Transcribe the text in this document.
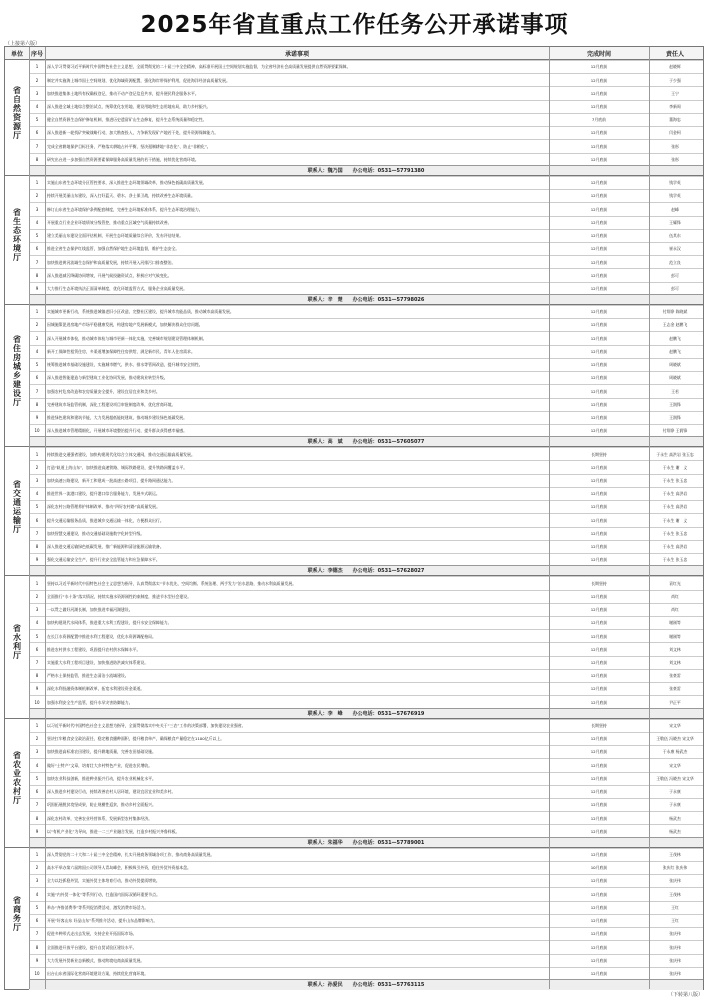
2025年省直重点工作任务公开承诺事项
（上接第六版）
单位	序号	承诺事项	完成时间	责任人
省自然资源厅
1	深入学习贯彻习近平新时代中国特色社会主义思想，全面贯彻党的二十届三中全会精神，高标准开展国土空间规划实施监督，为全省经济社会高质量发展提供自然资源要素保障。	12月底前	赵晓辉
2	制定并实施海上城市国土空间规划，优化海域资源配置，强化海岸带保护利用，促进海洋经济高质量发展。	12月底前	于少强
3	加快推进集体土地所有权确权登记，推动不动产登记信息共享，提升便民利企服务水平。	12月底前	王宁
4	深入推进全域土地综合整治试点，统筹优化农用地、建设用地和生态用地布局，助力乡村振兴。	12月底前	李新周
5	健全自然资源生态保护修复机制，推进历史遗留矿山生态修复，提升生态系统质量和稳定性。	7月底前	董海忠
6	深入推进新一轮找矿突破战略行动，加大勘查投入，力争新发现矿产地若干处，提升资源保障能力。	12月底前	闫金柯
7	完成全省耕地保护目标任务，严格落实耕地占补平衡，坚决遏制耕地“非农化”、防止“非粮化”。	12月底前	张彤
8	研究出台进一步加强自然资源要素保障服务高质量发展的若干措施，持续优化营商环境。	12月底前	张彤
联系人：魏乃国　　办公电话：0531—57791380
省生态环境厅
1	实施山东省生态环境分区管控要求，深入推进生态环境领域改革，推动绿色低碳高质量发展。	12月底前	钱学英
2	持续开展美丽山东建设，深入打好蓝天、碧水、净土保卫战，持续改善生态环境质量。	12月底前	钱学英
3	修订山东省生态环境保护条例配套制度，完善生态环境标准体系，提升生态环境治理能力。	12月底前	赵峰
4	开展重点行业企业环境绩效分级管控，推动重点区域空气质量持续改善。	12月底前	王耀锋
5	建立美丽山东建设全面评估机制，开展生态环境质量综合评价，发布评估结果。	12月底前	伍其东
6	推进全省生态保护红线监管，加强自然保护地生态环境监督，维护生态安全。	12月底前	崔永汉
7	加快推进黄河流域生态保护和高质量发展，持续开展入河排污口排查整治。	12月底前	范立良
8	深入推进减污降碳协同增效，开展气候投融资试点，积极应对气候变化。	12月底前	彭可
9	大力推行生态环境执法正面清单制度，优化环境监管方式，服务企业高质量发展。	12月底前	彭可
联系人：辛　楚　　办公电话：0531—57798026
省住房城乡建设厅
1	实施城市更新行动，系统推进城镇老旧小区改造、完整社区建设，提升城市功能品质，推动城市高质量发展。	12月底前	付翔诤 陈晓斌
2	因城施策促进房地产市场平稳健康发展，构建房地产发展新模式，加快解决群众住房问题。	12月底前	王志金 赵鹏飞
3	深入开展城市体检，推动城市体检与城市更新一体化实施，完善城市规划建设管理体制机制。	12月底前	赵鹏飞
4	新开工保障性租赁住房，多渠道增加保障性住房供给，满足新市民、青年人住房需求。	12月底前	赵鹏飞
5	统筹推进城市基础设施建设，实施城市燃气、供水、排水等管网改造，提升城市安全韧性。	12月底前	周晓斌
6	深入推进智能建造与新型建筑工业化协同发展，推动建筑业转型升级。	12月底前	周晓斌
7	加强农村危房改造和农房质量安全提升，建设宜居宜业和美乡村。	12月底前	王若
8	完善建筑市场监管机制，深化工程建设项目审批制度改革，优化营商环境。	12月底前	王润锋
9	推进绿色建筑和建筑节能，大力发展超低能耗建筑，推动城乡建设绿色低碳发展。	12月底前	王润锋
10	深入推进城市管理精细化，开展城市环境整治提升行动，提升群众获得感幸福感。	12月底前	付翔诤 王润锋
联系人：高　斌　　办公电话：0531—57605077
省交通运输厅
1	持续推进交通强省建设，加快构建现代化综合立体交通网，推动交通运输高质量发展。	长期坚持	于永生 高洪岩 张玉忠
2	打造“轨道上的山东”，加快推进高速铁路、城际铁路建设，提升铁路网覆盖水平。	12月底前	于永生 谢　义
3	加快高速公路建设，新开工和建成一批高速公路项目，提升路网通达能力。	12月底前	于永生 张玉忠
4	推进世界一流港口建设，提升港口综合服务能力，发展多式联运。	12月底前	于永生 高洪岩
5	深化农村公路管理养护体制改革，推动“四好农村路”高质量发展。	12月底前	于永生 高洪岩
6	提升交通运输服务品质，推进城乡交通运输一体化，方便群众出行。	12月底前	于永生 谢　义
7	加快智慧交通建设，推动交通基础设施数字化转型升级。	12月底前	于永生 张玉忠
8	深入推进交通运输绿色低碳发展，推广新能源和清洁能源运输装备。	12月底前	于永生 高洪岩
9	强化交通运输安全生产，提升行业安全监管能力和应急保障水平。	12月底前	于永生 张玉忠
联系人：李德杰　　办公电话：0531—57628027
省水利厅
1	坚持以习近平新时代中国特色社会主义思想为指导，认真贯彻落实“节水优先、空间均衡、系统治理、两手发力”治水思路，推动水利高质量发展。	长期坚持	袁红光
2	全面推行“水十条”落实情况，持续实施水资源刚性约束制度，推进节水型社会建设。	12月底前	尚红
3	一以贯之做好河湖长制，加快推进幸福河湖建设。	12月底前	尚红
4	加快构建现代水网体系，推进重大水利工程建设，提升水安全保障能力。	12月底前	谢刚等
5	在长江水资源配置中推进水利工程建设，优化水资源调配格局。	12月底前	谢刚等
6	推进农村供水工程建设，巩固提升农村供水保障水平。	12月底前	刘文林
7	实施重大水利工程项目建设，加快推进防洪减灾体系建设。	12月底前	刘文林
8	严格水土保持监管，推进生态清洁小流域建设。	12月底前	张豪雷
9	深化水利投融资体制机制改革，拓宽水利建设资金渠道。	12月底前	张豪雷
10	加强水利安全生产监管，提升水旱灾害防御能力。	12月底前	尹正平
联系人：李　峰　　办公电话：0531—57676919
省农业农村厅
1	以习近平新时代中国特色社会主义思想为指导，全面贯彻落实中央关于“三农”工作的决策部署，加快建设农业强省。	长期坚持	宋文华
2	坚决扛牢粮食安全政治责任，稳定粮食播种面积，提升粮食单产，确保粮食产量稳定在1100亿斤以上。	12月底前	王敬伍 冯晓杰 宋文华
3	加快推进高标准农田建设，提升耕地质量，完善农田基础设施。	12月底前	于永康 杨武杰
4	做好“土特产”文章，培育壮大乡村特色产业，促进农民增收。	12月底前	宋文华
5	加快农业科技创新，推进种业振兴行动，提升农业机械化水平。	12月底前	王敬伍 冯晓杰 宋文华
6	深入推进乡村建设行动，持续改善农村人居环境，建设宜居宜业和美乡村。	12月底前	于永康
7	巩固拓展脱贫攻坚成果，防止规模性返贫，推动乡村全面振兴。	12月底前	于永康
8	深化农村改革，完善农业经营体系，发展新型农村集体经济。	12月底前	杨武杰
9	以“有机产业化”为导向，推进一二三产业融合发展，打造乡村振兴齐鲁样板。	12月底前	杨武杰
联系人：朱福华　　办公电话：0531—57789001
省商务厅
1	深入贯彻党的二十大和二十届三中全会精神，扎实开展商务领域各项工作，推动商务高质量发展。	12月底前	王茂林
2	高水平举办第六届跨国公司领导人青岛峰会，积极吸引外资，稳住外贸外资基本盘。	10月底前	张庆红 张庆伟
3	全力以赴抓稳外贸，实施外贸主体培育行动，推动外贸提质增效。	12月底前	张庆伟
4	实施“内外贸一体化”等系列行动，打造国内国际双循环重要节点。	12月底前	王茂林
5	举办“齐鲁消费季”等系列促消费活动，激发消费市场活力。	12月底前	王红
6	开展“好客山东 好品山东”系列推介活动，提升山东品牌影响力。	12月底前	王红
7	促进多种形式走出去发展，支持企业开拓国际市场。	12月底前	张庆伟
8	全面推进开放平台建设，提升自贸试验区建设水平。	12月底前	张庆伟
9	大力发展外贸新业态新模式，推动跨境电商高质量发展。	12月底前	张庆伟
10	出台山东省国际化营商环境建设方案，持续优化营商环境。	12月底前	张庆伟
联系人：孙爱民　　办公电话：0531—57763115
（下转第八版）
